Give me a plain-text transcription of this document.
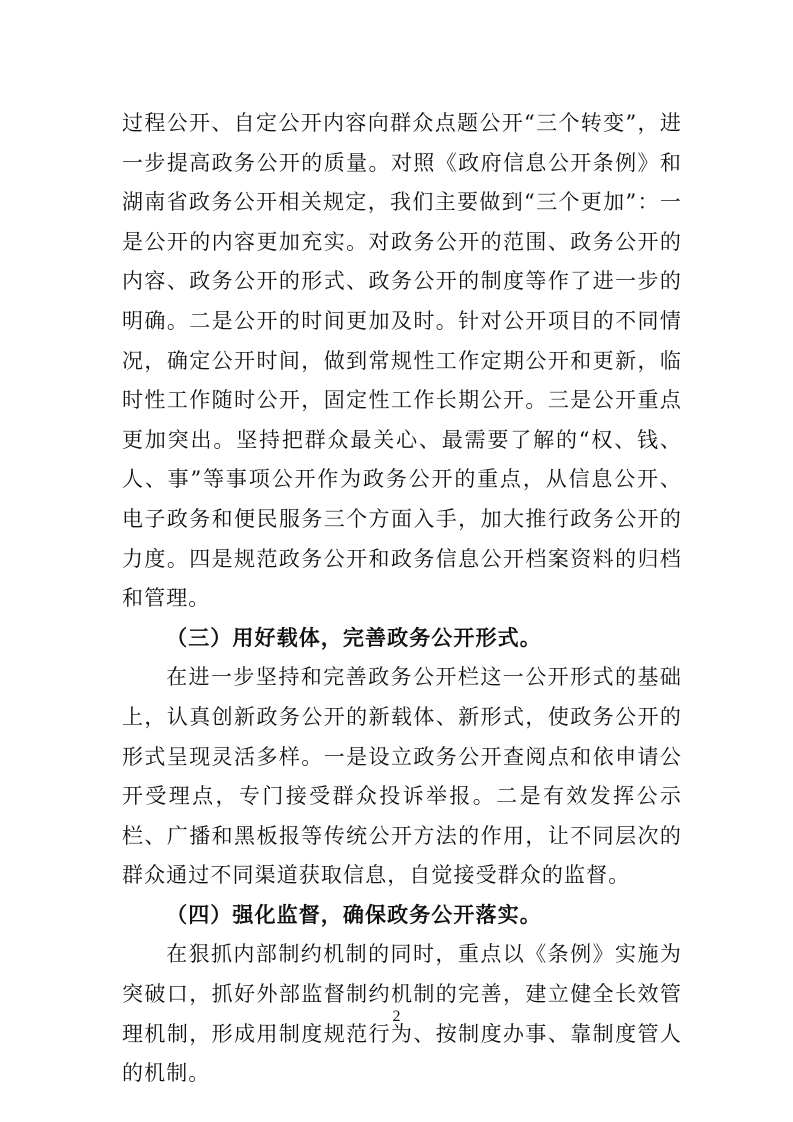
过程公开、自定公开内容向群众点题公开“三个转变”，进一步提高政务公开的质量。对照《政府信息公开条例》和湖南省政务公开相关规定，我们主要做到“三个更加”：一是公开的内容更加充实。对政务公开的范围、政务公开的内容、政务公开的形式、政务公开的制度等作了进一步的明确。二是公开的时间更加及时。针对公开项目的不同情况，确定公开时间，做到常规性工作定期公开和更新，临时性工作随时公开，固定性工作长期公开。三是公开重点更加突出。坚持把群众最关心、最需要了解的“权、钱、人、事”等事项公开作为政务公开的重点，从信息公开、电子政务和便民服务三个方面入手，加大推行政务公开的力度。四是规范政务公开和政务信息公开档案资料的归档和管理。

（三）用好载体，完善政务公开形式。

在进一步坚持和完善政务公开栏这一公开形式的基础上，认真创新政务公开的新载体、新形式，使政务公开的形式呈现灵活多样。一是设立政务公开查阅点和依申请公开受理点，专门接受群众投诉举报。二是有效发挥公示栏、广播和黑板报等传统公开方法的作用，让不同层次的群众通过不同渠道获取信息，自觉接受群众的监督。

（四）强化监督，确保政务公开落实。

在狠抓内部制约机制的同时，重点以《条例》实施为突破口，抓好外部监督制约机制的完善，建立健全长效管理机制，形成用制度规范行为、按制度办事、靠制度管人的机制。

2
